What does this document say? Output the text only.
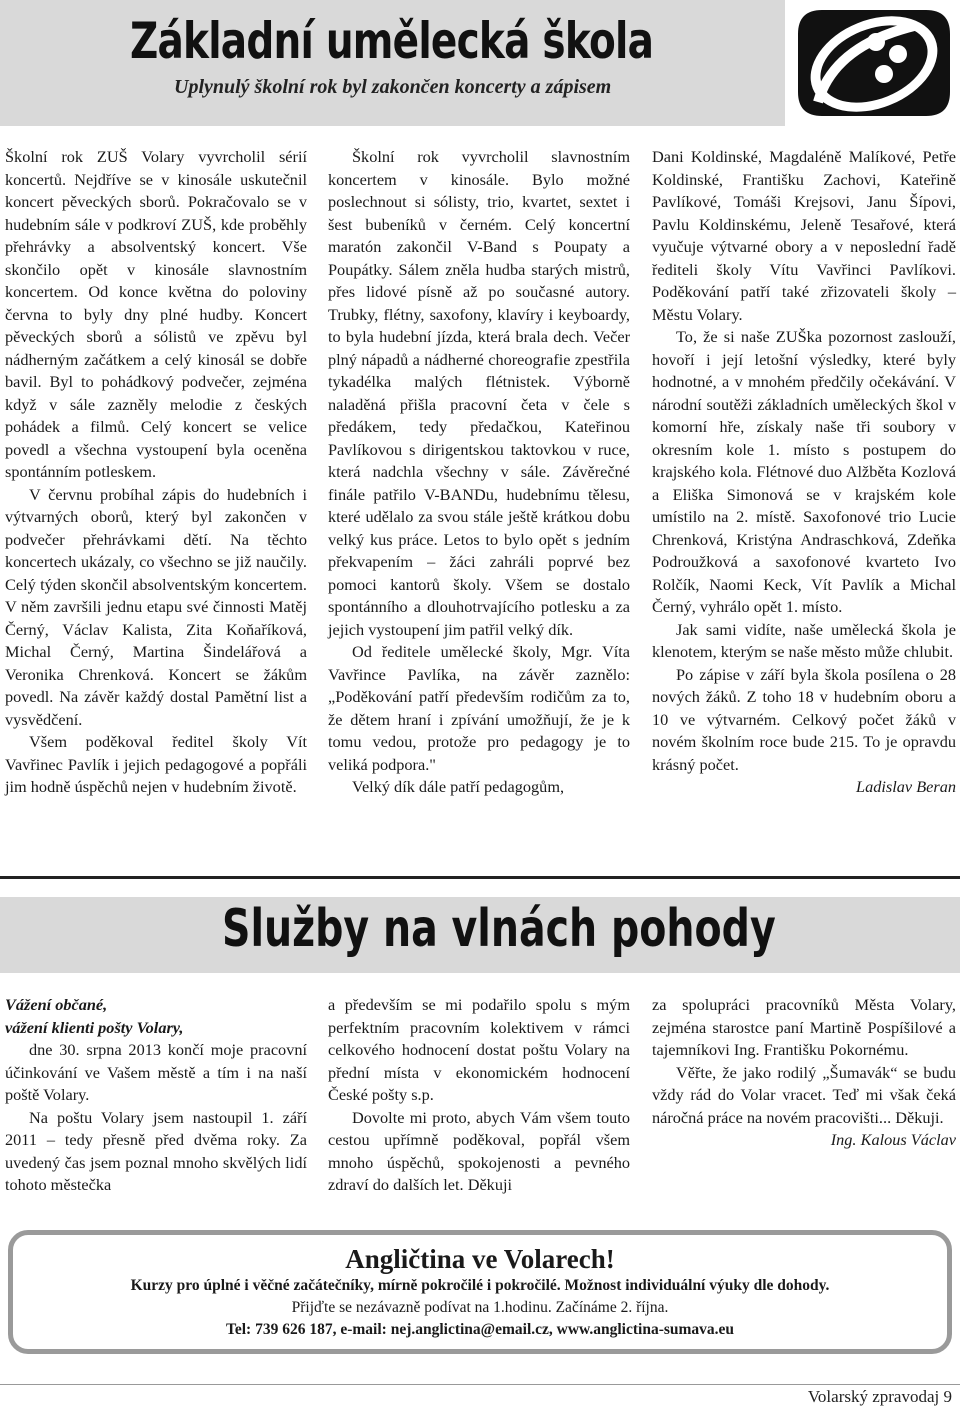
Základní umělecká škola
Uplynulý školní rok byl zakončen koncerty a zápisem

Školní rok ZUŠ Volary vyvrcholil sérií koncertů. Nejdříve se v kinosále uskutečnil koncert pěveckých sborů. Pokračovalo se v hudebním sále v podkroví ZUŠ, kde proběhly přehrávky a absolventský koncert. Vše skončilo opět v kinosále slavnostním koncertem. Od konce května do poloviny června to byly dny plné hudby. Koncert pěveckých sborů a sólistů ve zpěvu byl nádherným začátkem a celý kinosál se dobře bavil. Byl to pohádkový podvečer, zejména když v sále zazněly melodie z českých pohádek a filmů. Celý koncert se velice povedl a všechna vystoupení byla oceněna spontánním potleskem.

V červnu probíhal zápis do hudebních i výtvarných oborů, který byl zakončen v podvečer přehrávkami dětí. Na těchto koncertech ukázaly, co všechno se již naučily. Celý týden skončil absolventským koncertem. V něm završili jednu etapu své činnosti Matěj Černý, Václav Kalista, Zita Koňaříková, Michal Černý, Martina Šindelářová a Veronika Chrenková. Koncert se žákům povedl. Na závěr každý dostal Pamětní list a vysvědčení.

Všem poděkoval ředitel školy Vít Vavřinec Pavlík i jejich pedagogové a popřáli jim hodně úspěchů nejen v hudebním životě.

Školní rok vyvrcholil slavnostním koncertem v kinosále. Bylo možné poslechnout si sólisty, trio, kvartet, sextet i šest bubeníků v černém. Celý koncertní maratón zakončil V-Band s Poupaty a Poupátky. Sálem zněla hudba starých mistrů, přes lidové písně až po současné autory. Trubky, flétny, saxofony, klavíry i keyboardy, to byla hudební jízda, která brala dech. Večer plný nápadů a nádherné choreografie zpestřila tykadélka malých flétnistek. Výborně naladěná přišla pracovní četa v čele s předákem, tedy předačkou, Kateřinou Pavlíkovou s dirigentskou taktovkou v ruce, která nadchla všechny v sále. Závěrečné finále patřilo V-BANDu, hudebnímu tělesu, které udělalo za svou stále ještě krátkou dobu velký kus práce. Letos to bylo opět s jedním překvapením – žáci zahráli poprvé bez pomoci kantorů školy. Všem se dostalo spontánního a dlouhotrvajícího potlesku a za jejich vystoupení jim patřil velký dík.

Od ředitele umělecké školy, Mgr. Víta Vavřince Pavlíka, na závěr zaznělo: „Poděkování patří především rodičům za to, že dětem hraní i zpívání umožňují, že je k tomu vedou, protože pro pedagogy je to veliká podpora."

Velký dík dále patří pedagogům,

Dani Koldinské, Magdaléně Malíkové, Petře Koldinské, Františku Zachovi, Kateřině Pavlíkové, Tomáši Krejsovi, Janu Šípovi, Pavlu Koldinskému, Jeleně Tesařové, která vyučuje výtvarné obory a v neposlední řadě řediteli školy Vítu Vavřinci Pavlíkovi. Poděkování patří také zřizovateli školy – Městu Volary.

To, že si naše ZUŠka pozornost zaslouží, hovoří i její letošní výsledky, které byly hodnotné, a v mnohém předčily očekávání. V národní soutěži základních uměleckých škol v komorní hře, získaly naše tři soubory v okresním kole 1. místo s postupem do krajského kola. Flétnové duo Alžběta Kozlová a Eliška Simonová se v krajském kole umístilo na 2. místě. Saxofonové trio Lucie Chrenková, Kristýna Andraschková, Zdeňka Podroužková a saxofonové kvarteto Ivo Rolčík, Naomi Keck, Vít Pavlík a Michal Černý, vyhrálo opět 1. místo.

Jak sami vidíte, naše umělecká škola je klenotem, kterým se naše město může chlubit.

Po zápise v září byla škola posílena o 28 nových žáků. Z toho 18 v hudebním oboru a 10 ve výtvarném. Celkový počet žáků v novém školním roce bude 215. To je opravdu krásný počet.

Ladislav Beran

Služby na vlnách pohody

Vážení občané,

vážení klienti pošty Volary,

dne 30. srpna 2013 končí moje pracovní účinkování ve Vašem městě a tím i na naší poště Volary.

Na poštu Volary jsem nastoupil 1. září 2011 – tedy přesně před dvěma roky. Za uvedený čas jsem poznal mnoho skvělých lidí tohoto městečka

a především se mi podařilo spolu s mým perfektním pracovním kolektivem v rámci celkového hodnocení dostat poštu Volary na přední místa v ekonomickém hodnocení České pošty s.p.

Dovolte mi proto, abych Vám všem touto cestou upřímně poděkoval, popřál všem mnoho úspěchů, spokojenosti a pevného zdraví do dalších let. Děkuji

za spolupráci pracovníků Města Volary, zejména starostce paní Martině Pospíšilové a tajemníkovi Ing. Františku Pokornému.

Věřte, že jako rodilý „Šumavák“ se budu vždy rád do Volar vracet. Teď mi však čeká náročná práce na novém pracovišti... Děkuji.

Ing. Kalous Václav

Angličtina ve Volarech!
Kurzy pro úplné i věčné začátečníky, mírně pokročilé i pokročilé. Možnost individuální výuky dle dohody.
Přijďte se nezávazně podívat na 1.hodinu. Začínáme 2. října.
Tel: 739 626 187, e-mail: nej.anglictina@email.cz, www.anglictina-sumava.eu
Volarský zpravodaj 9
